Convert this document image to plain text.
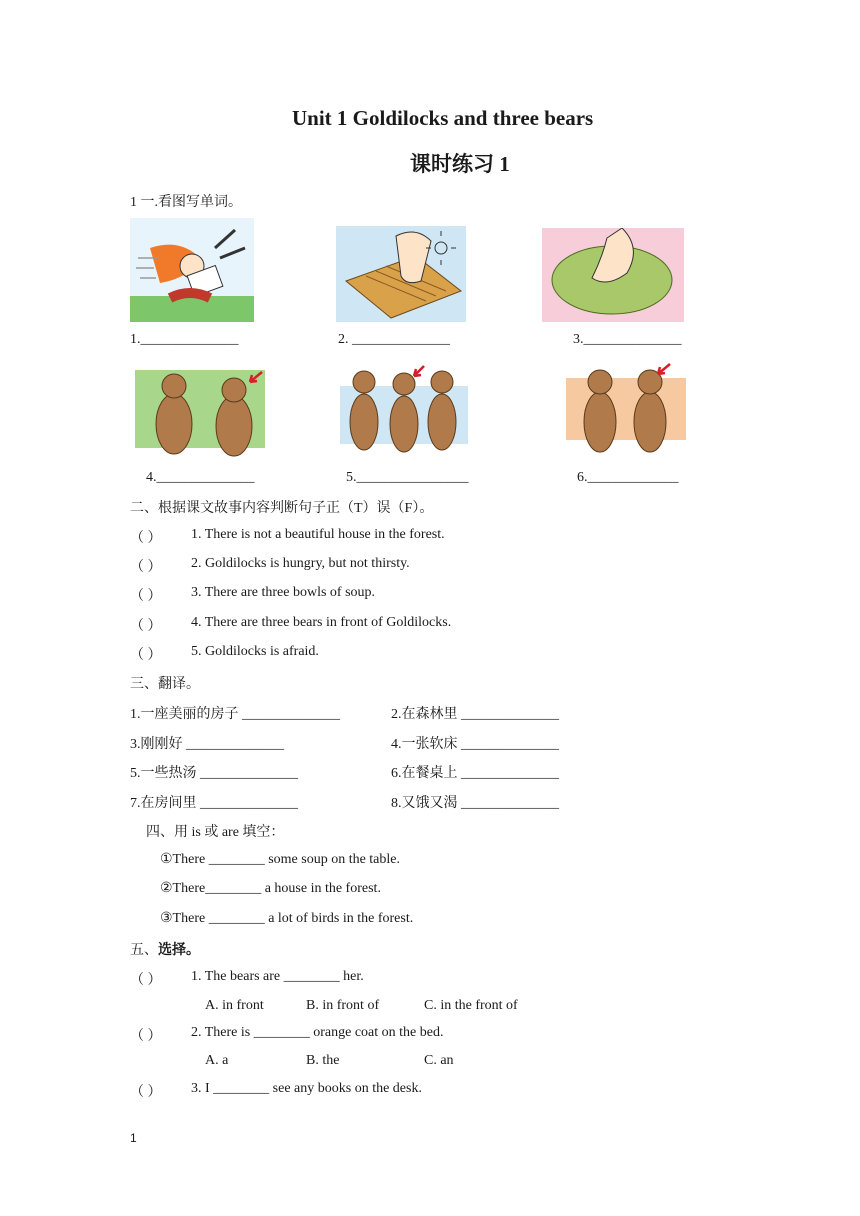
Unit 1 Goldilocks and three bears
课时练习 1
1 一.看图写单词。
1.______________	2. ______________	3.______________
4.______________	5.________________	6._____________
二、根据课文故事内容判断句子正（T）误（F）。
（ ） 1. There is not a beautiful house in the forest.
（ ） 2. Goldilocks is hungry, but not thirsty.
（ ） 3. There are three bowls of soup.
（ ） 4. There are three bears in front of Goldilocks.
（ ） 5. Goldilocks is afraid.
三、翻译。
1.一座美丽的房子 ______________	2.在森林里 ______________
3.刚刚好 ______________	4.一张软床 ______________
5.一些热汤 ______________	6.在餐桌上 ______________
7.在房间里 ______________	8.又饿又渴 ______________
四、用 is 或 are 填空：
①There ________ some soup on the table.
②There________ a house in the forest.
③There ________ a lot of birds in the forest.
五、选择。
（ ） 1. The bears are ________ her.
A. in front	B. in front of	C. in the front of
（ ） 2. There is ________ orange coat on the bed.
A. a	B. the	C. an
（ ） 3. I ________ see any books on the desk.
1
